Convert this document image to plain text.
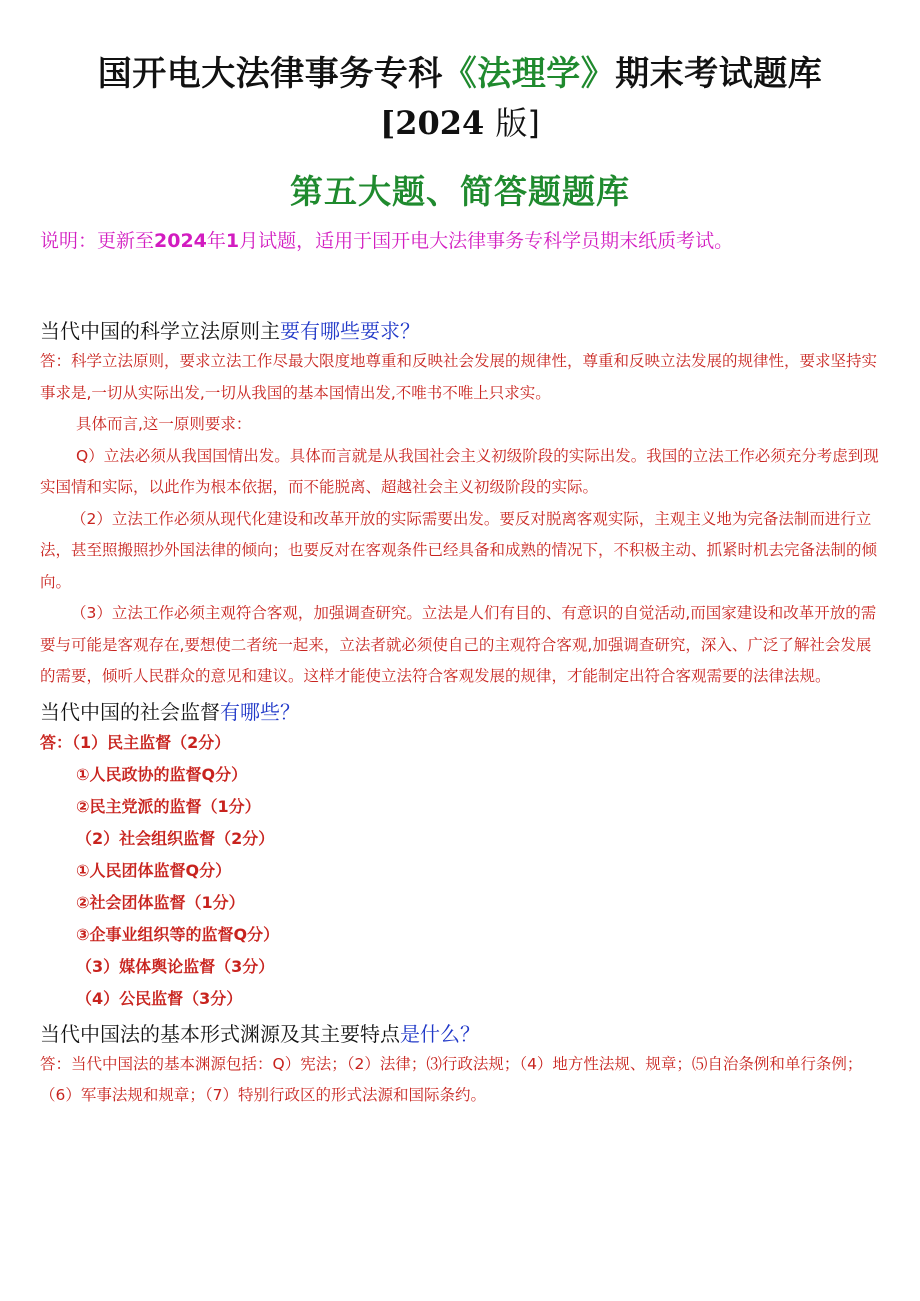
国开电大法律事务专科《法理学》期末考试题库
[2024 版]
第五大题、简答题题库
说明：更新至2024年1月试题，适用于国开电大法律事务专科学员期末纸质考试。
当代中国的科学立法原则主要有哪些要求？

答：科学立法原则，要求立法工作尽最大限度地尊重和反映社会发展的规律性，尊重和反映立法发展的规律性，要求坚持实事求是,一切从实际出发,一切从我国的基本国情出发,不唯书不唯上只求实。

具体而言,这一原则要求：

Q）立法必须从我国国情出发。具体而言就是从我国社会主义初级阶段的实际出发。我国的立法工作必须充分考虑到现实国情和实际，以此作为根本依据，而不能脱离、超越社会主义初级阶段的实际。

（2）立法工作必须从现代化建设和改革开放的实际需要出发。要反对脱离客观实际，主观主义地为完备法制而进行立法，甚至照搬照抄外国法律的倾向；也要反对在客观条件已经具备和成熟的情况下，不积极主动、抓紧时机去完备法制的倾向。

（3）立法工作必须主观符合客观，加强调查研究。立法是人们有目的、有意识的自觉活动,而国家建设和改革开放的需要与可能是客观存在,要想使二者统一起来，立法者就必须使自己的主观符合客观,加强调查研究，深入、广泛了解社会发展的需要，倾听人民群众的意见和建议。这样才能使立法符合客观发展的规律，才能制定出符合客观需要的法律法规。

当代中国的社会监督有哪些？
答：（1）民主监督（2分）
①人民政协的监督Q分）
②民主党派的监督（1分）
（2）社会组织监督（2分）
①人民团体监督Q分）
②社会团体监督（1分）
③企事业组织等的监督Q分）
（3）媒体舆论监督（3分）
（4）公民监督（3分）
当代中国法的基本形式渊源及其主要特点是什么？

答：当代中国法的基本渊源包括：Q）宪法；（2）法律；⑶行政法规；（4）地方性法规、规章；⑸自治条例和单行条例；（6）军事法规和规章；（7）特别行政区的形式法源和国际条约。
